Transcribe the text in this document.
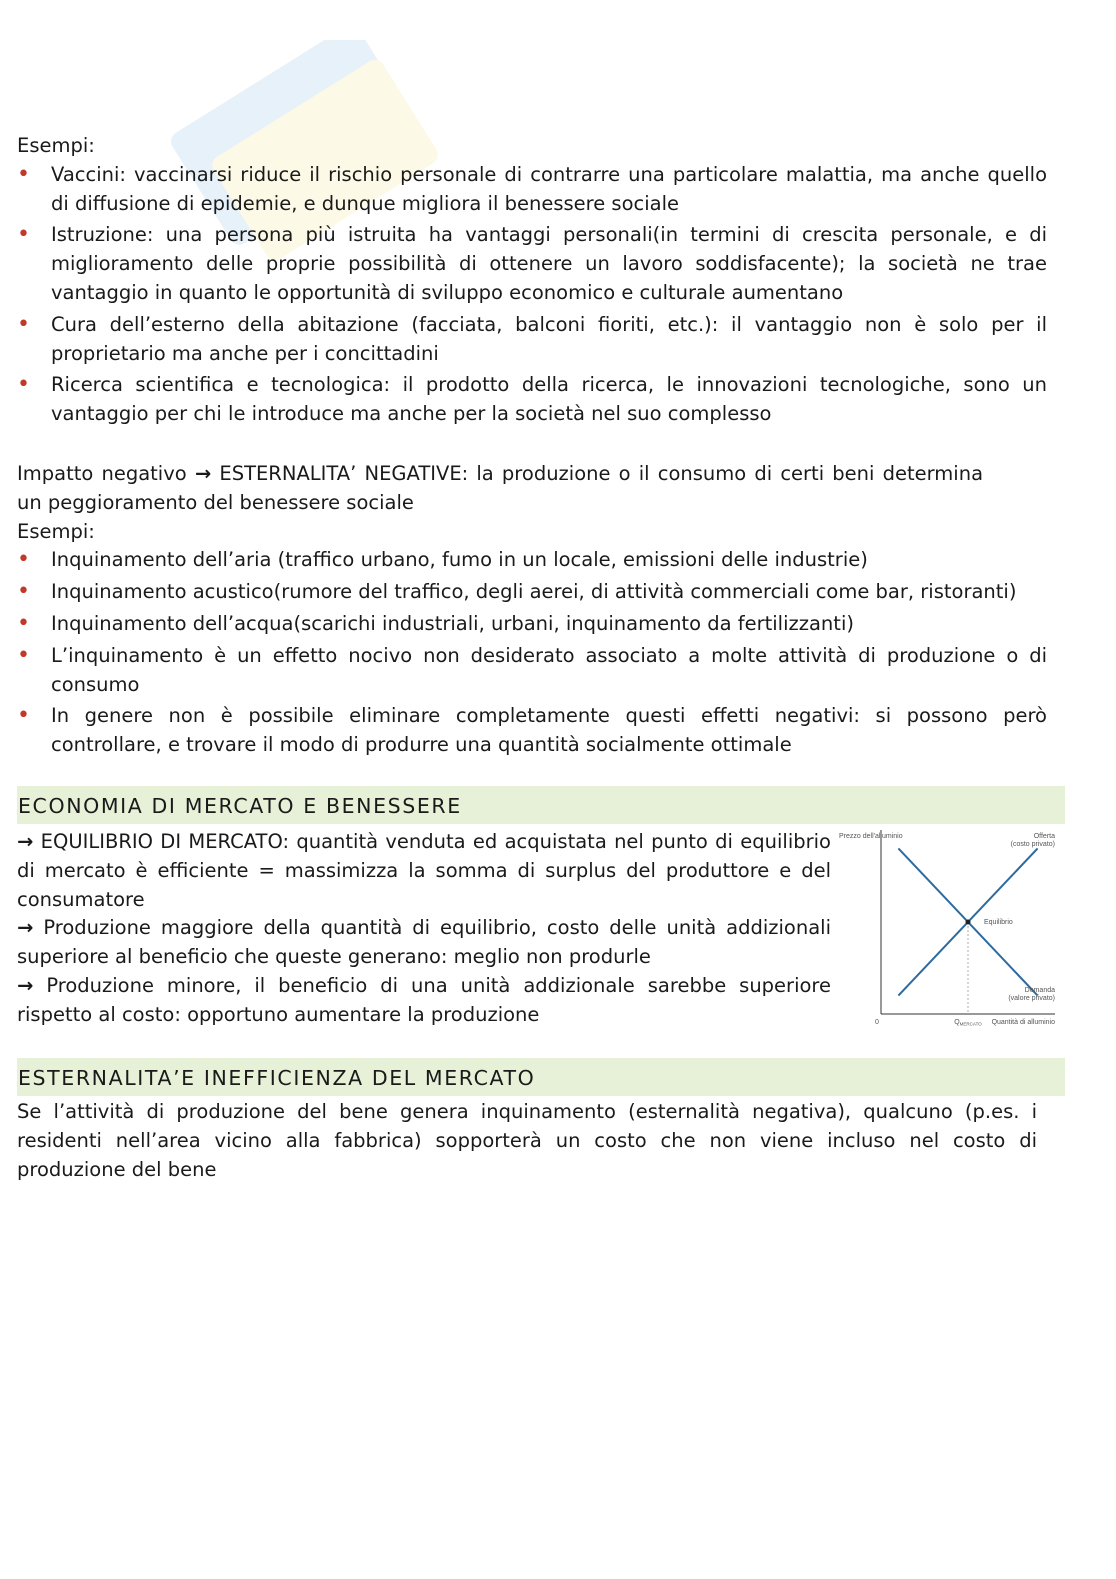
Esempi:

• Vaccini: vaccinarsi riduce il rischio personale di contrarre una particolare malattia, ma anche quello di diffusione di epidemie, e dunque migliora il benessere sociale
• Istruzione: una persona più istruita ha vantaggi personali(in termini di crescita personale, e di miglioramento delle proprie possibilità di ottenere un lavoro soddisfacente); la società ne trae vantaggio in quanto le opportunità di sviluppo economico e culturale aumentano
• Cura dell’esterno della abitazione (facciata, balconi fioriti, etc.): il vantaggio non è solo per il proprietario ma anche per i concittadini
• Ricerca scientifica e tecnologica: il prodotto della ricerca, le innovazioni tecnologiche, sono un vantaggio per chi le introduce ma anche per la società nel suo complesso

Impatto negativo → ESTERNALITA’ NEGATIVE: la produzione o il consumo di certi beni determina un peggioramento del benessere sociale

Esempi:

• Inquinamento dell’aria (traffico urbano, fumo in un locale, emissioni delle industrie)
• Inquinamento acustico(rumore del traffico, degli aerei, di attività commerciali come bar, ristoranti)
• Inquinamento dell’acqua(scarichi industriali, urbani, inquinamento da fertilizzanti)
• L’inquinamento è un effetto nocivo non desiderato associato a molte attività di produzione o di consumo
• In genere non è possibile eliminare completamente questi effetti negativi: si possono però controllare, e trovare il modo di produrre una quantità socialmente ottimale
ECONOMIA DI MERCATO E BENESSERE

→ EQUILIBRIO DI MERCATO: quantità venduta ed acquistata nel punto di equilibrio di mercato è efficiente = massimizza la somma di surplus del produttore e del consumatore

→ Produzione maggiore della quantità di equilibrio, costo delle unità addizionali superiore al beneficio che queste generano: meglio non produrle

→ Produzione minore, il beneficio di una unità addizionale sarebbe superiore rispetto al costo: opportuno aumentare la produzione

Prezzo dell'alluminio
Equilibrio
Offerta
(costo privato)
Domanda
(valore privato)
0	$Q_{MERCATO}$ Quantità di alluminio
ESTERNALITA’E INEFFICIENZA DEL MERCATO

Se l’attività di produzione del bene genera inquinamento (esternalità negativa), qualcuno (p.es. i residenti nell’area vicino alla fabbrica) sopporterà un costo che non viene incluso nel costo di produzione del bene
